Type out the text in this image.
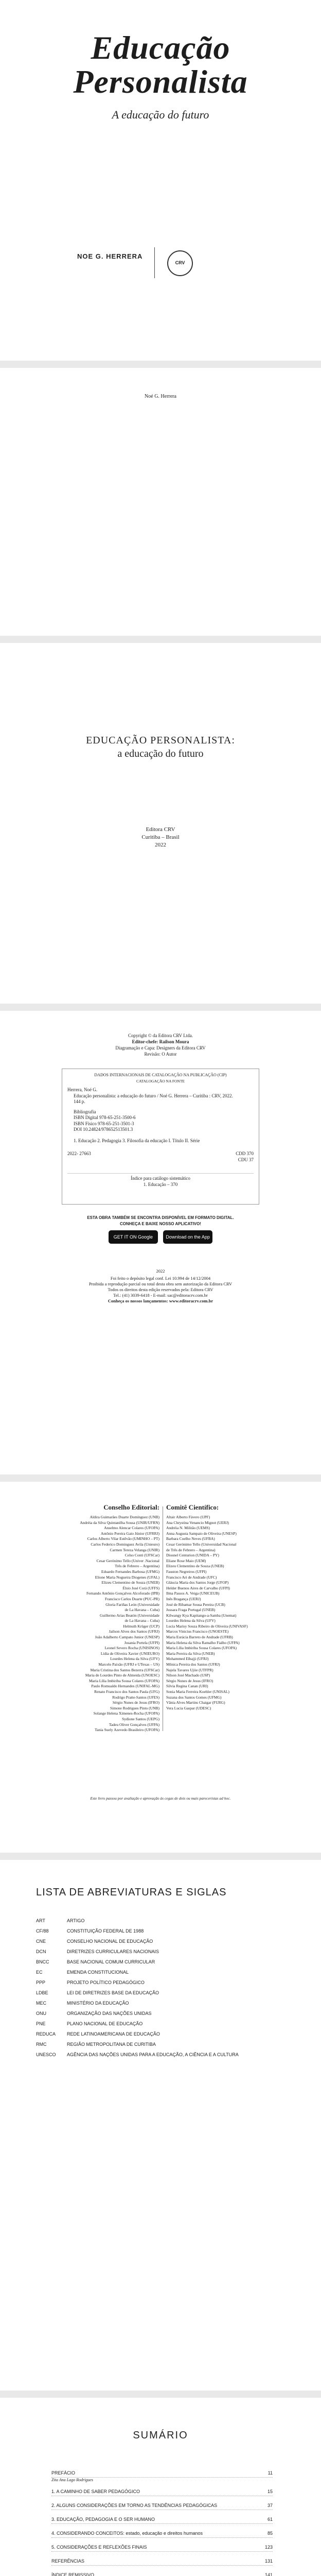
Educação
Personalista
A educação do futuro
NOE G. HERRERA
CRV
Noé G. Herrera
EDUCAÇÃO PERSONALISTA:
a educação do futuro
Editora CRV
Curitiba – Brasil
2022
Copyright © da Editora CRV Ltda.
Editor-chefe: Railson Moura
Diagramação e Capa: Designers da Editora CRV
Revisão: O Autor
DADOS INTERNACIONAIS DE CATALOGAÇÃO NA PUBLICAÇÃO (CIP)
CATALOGAÇÃO NA FONTE
Herrera, Noé G.
Educação personalista: a educação do futuro / Noé G. Herrera – Curitiba : CRV, 2022.
144 p.
Bibliografia
ISBN Digital 978-65-251-3500-6
ISBN Físico 978-65-251-3501-3
DOI 10.24824/978652513501.3
1. Educação 2. Pedagogia 3. Filosofia da educação I. Título II. Série
2022- 27663	CDD 370
CDU 37
Índice para catálogo sistemático
1. Educação – 370
ESTA OBRA TAMBÉM SE ENCONTRA DISPONÍVEL EM FORMATO DIGITAL.
CONHEÇA E BAIXE NOSSO APLICATIVO!
GET IT ON Google Play Download on the App Store
2022
Foi feito o depósito legal conf. Lei 10.994 de 14/12/2004
Proibida a reprodução parcial ou total desta obra sem autorização da Editora CRV
Todos os direitos desta edição reservados pela: Editora CRV
Tel.: (41) 3039-6418 - E-mail: sac@editoracrv.com.br
Conheça os nossos lançamentos: www.editoracrv.com.br
Conselho Editorial:

Aldira Guimarães Duarte Domínguez (UNB)

Andréia da Silva Quintanilha Sousa (UNIR/UFRN)

Anselmo Alencar Colares (UFOPA)

Antônio Pereira Gaio Júnior (UFRRJ)

Carlos Alberto Vilar Estêvão (UMINHO – PT)

Carlos Federico Dominguez Avila (Unieuro)

Carmen Tereza Velanga (UNIR)

Celso Conti (UFSCar)

Cesar Gerónimo Tello (Univer .Nacional

Três de Febrero – Argentina)

Eduardo Fernandes Barbosa (UFMG)

Elione Maria Nogueira Diogenes (UFAL)

Elizeu Clementino de Souza (UNEB)

Élsio José Corá (UFFS)

Fernando Antônio Gonçalves Alcoforado (IPB)

Francisco Carlos Duarte (PUC-PR)

Gloria Fariñas León (Universidade

de La Havana – Cuba)

Guillermo Arias Beatón (Universidade

de La Havana – Cuba)

Helmuth Krüger (UCP)

Jailson Alves dos Santos (UFRJ)

João Adalberto Campato Junior (UNESP)

Josania Portela (UFPI)

Leonel Severo Rocha (UNISINOS)

Lídia de Oliveira Xavier (UNIEURO)

Lourdes Helena da Silva (UFV)

Marcelo Paixão (UFRJ e UTexas – US)

Maria Cristina dos Santos Bezerra (UFSCar)

Maria de Lourdes Pinto de Almeida (UNOESC)

Maria Lília Imbiriba Sousa Colares (UFOPA)

Paulo Romualdo Hernandes (UNIFAL-MG)

Renato Francisco dos Santos Paula (UFG)

Rodrigo Pratte-Santos (UFES)

Sérgio Nunes de Jesus (IFRO)

Simone Rodrigues Pinto (UNB)

Solange Helena Ximenes-Rocha (UFOPA)

Sydione Santos (UEPG)

Tadeu Oliver Gonçalves (UFPA)

Tania Suely Azevedo Brasileiro (UFOPA)

Comitê Científico:

Altair Alberto Fávero (UPF)

Ana Chrystina Venancio Mignot (UERJ)

Andréia N. Militão (UEMS)

Anna Augusta Sampaio de Oliveira (UNESP)

Barbara Coelho Neves (UFBA)

Cesar Gerónimo Tello (Universidad Nacional

de Três de Febrero – Argentina)

Diosnel Centurion (UNIDA – PY)

Eliane Rose Maio (UEM)

Elizeu Clementino de Souza (UNEB)

Fauston Negreiros (UFPI)

Francisco Ari de Andrade (UFC)

Gláucia Maria dos Santos Jorge (UFOP)

Helder Buenos Aires de Carvalho (UFPI)

Ilma Passos A. Veiga (UNICEUB)

Inês Bragança (UERJ)

José de Ribamar Sousa Pereira (UCB)

Jussara Fraga Portugal (UNEB)

Kilwangy Kya Kapitango-a-Samba (Unemat)

Lourdes Helena da Silva (UFV)

Lucia Marisy Souza Ribeiro de Oliveira (UNIVASF)

Marcos Vinicius Francisco (UNOESTE)

Maria Eurácia Barreto de Andrade (UFRB)

Maria Helena da Silva Ramalho Fialho (UFPA)

Maria Lília Imbiriba Sousa Colares (UFOPA)

Maria Pereira da Silva (UNEB)

Mohammed Elhajji (UFRJ)

Mônica Pereira dos Santos (UFRJ)

Najela Tavares Ujiie (UTFPR)

Nilson José Machado (USP)

Sérgio Nunes de Jesus (IFRO)

Silvia Regina Canan (URI)

Sonia Maria Ferreira Koehler (UNISAL)

Suzana dos Santos Gomes (UFMG)

Vânia Alves Martins Chaigar (FURG)

Vera Lucia Gaspar (UDESC)

Este livro passou por avaliação e aprovação às cegas de dois ou mais pareceristas ad hoc.
LISTA DE ABREVIATURAS E SIGLAS
ART	ARTIGO
CF/88	CONSTITUIÇÃO FEDERAL DE 1988
CNE	CONSELHO NACIONAL DE EDUCAÇÃO
DCN	DIRETRIZES CURRICULARES NACIONAIS
BNCC	BASE NACIONAL COMUM CURRICULAR
EC	EMENDA CONSTITUCIONAL
PPP	PROJETO POLÍTICO PEDAGÓGICO
LDBE	LEI DE DIRETRIZES BASE DA EDUCAÇÃO
MEC	MINISTÉRIO DA EDUCAÇÃO
ONU	ORGANIZAÇÃO DAS NAÇÕES UNIDAS
PNE	PLANO NACIONAL DE EDUCAÇÃO
REDUCA	REDE LATINOAMERICANA DE EDUCAÇÃO
RMC	REGIÃO METROPOLITANA DE CURITIBA
UNESCO	AGÊNCIA DAS NAÇÕES UNIDAS PARA A EDUCAÇÃO, A CIÊNCIA E A CULTURA
SUMÁRIO
PREFÁCIO	11
Zita Ana Lago Rodrigues
1. A CAMINHO DE SABER PEDAGÓGICO	15
2. ALGUNS CONSIDERAÇÕES EM TORNO AS TENDÊNCIAS PEDAGÓGICAS	37
3. EDUCAÇÃO, PEDAGOGIA E O SER HUMANO	61
4. CONSIDERANDO CONCEITOS: estado, educação e direitos humanos	85
5. CONSIDERAÇÕES E REFLEXÕES FINAIS	123
REFERÊNCIAS	131
ÍNDICE REMISSIVO	141
